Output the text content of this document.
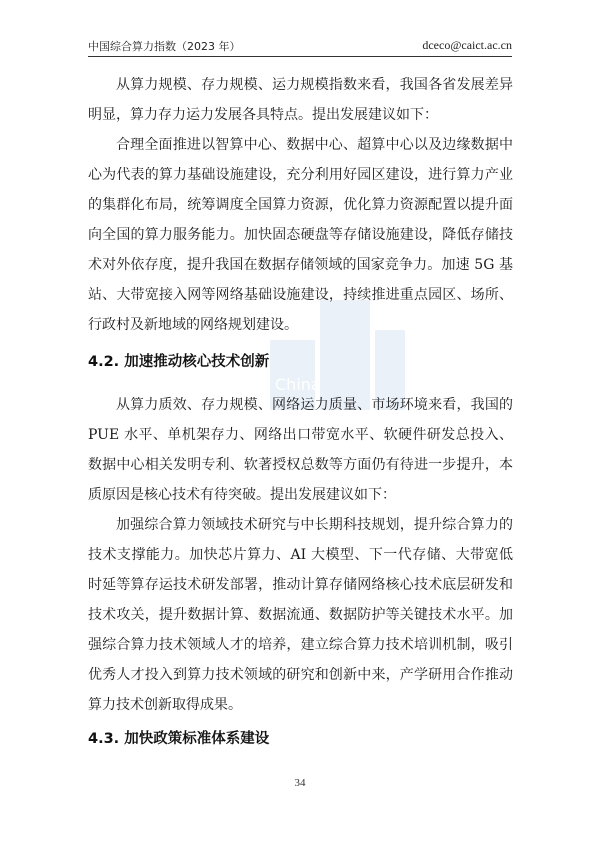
中国综合算力指数（2023 年）	dceco@caict.ac.cn
China

从算力规模、存力规模、运力规模指数来看，我国各省发展差异明显，算力存力运力发展各具特点。提出发展建议如下：

合理全面推进以智算中心、数据中心、超算中心以及边缘数据中心为代表的算力基础设施建设，充分利用好园区建设，进行算力产业的集群化布局，统筹调度全国算力资源，优化算力资源配置以提升面向全国的算力服务能力。加快固态硬盘等存储设施建设，降低存储技术对外依存度，提升我国在数据存储领域的国家竞争力。加速 5G 基站、大带宽接入网等网络基础设施建设，持续推进重点园区、场所、行政村及新地域的网络规划建设。

4.2. 加速推动核心技术创新

从算力质效、存力规模、网络运力质量、市场环境来看，我国的 PUE 水平、单机架存力、网络出口带宽水平、软硬件研发总投入、数据中心相关发明专利、软著授权总数等方面仍有待进一步提升，本质原因是核心技术有待突破。提出发展建议如下：

加强综合算力领域技术研究与中长期科技规划，提升综合算力的技术支撑能力。加快芯片算力、AI 大模型、下一代存储、大带宽低时延等算存运技术研发部署，推动计算存储网络核心技术底层研发和技术攻关，提升数据计算、数据流通、数据防护等关键技术水平。加强综合算力技术领域人才的培养，建立综合算力技术培训机制，吸引优秀人才投入到算力技术领域的研究和创新中来，产学研用合作推动算力技术创新取得成果。

4.3. 加快政策标准体系建设
34
